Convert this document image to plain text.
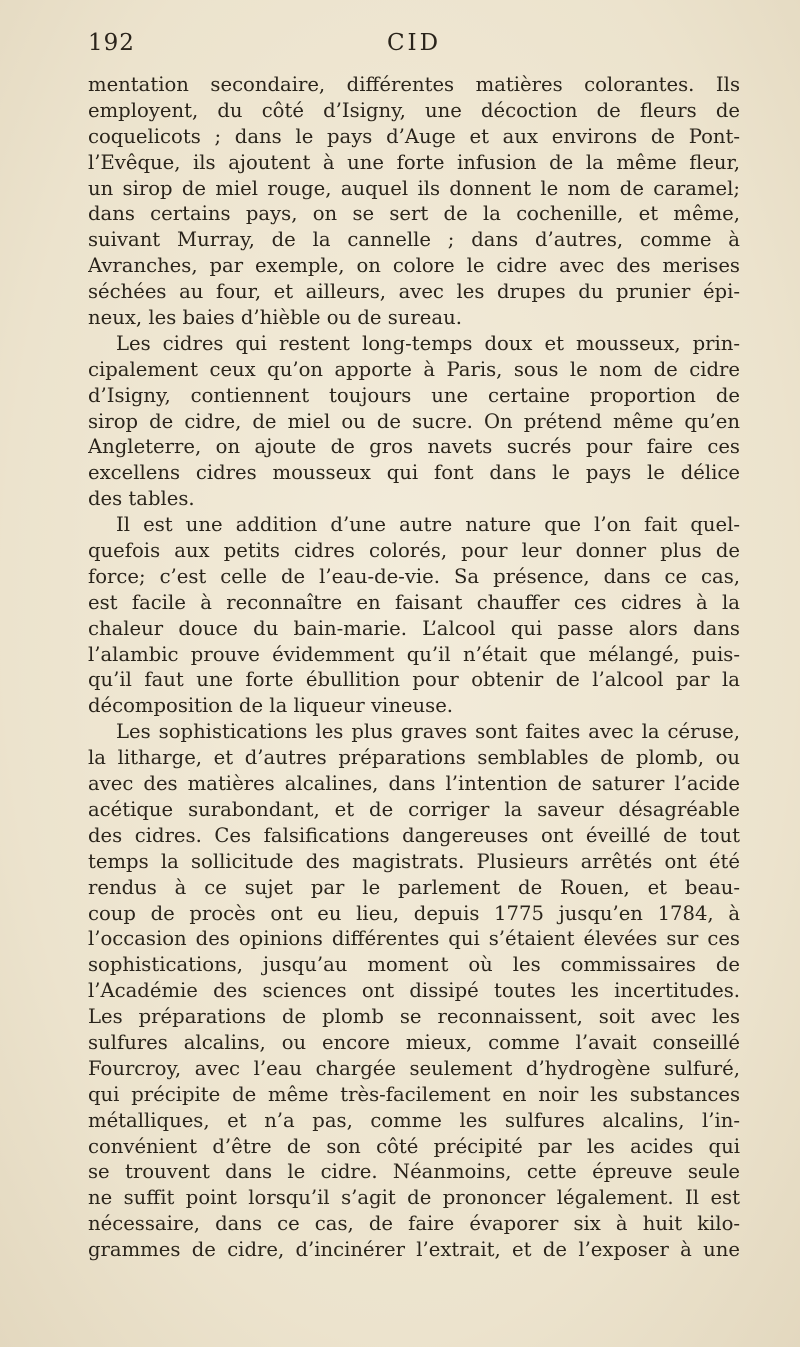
192	CID
mentation secondaire, différentes matières colorantes. Ils
employent, du côté d’Isigny, une décoction de fleurs de
coquelicots ; dans le pays d’Auge et aux environs de Pont-
l’Evêque, ils ajoutent à une forte infusion de la même fleur,
un sirop de miel rouge, auquel ils donnent le nom de caramel;
dans certains pays, on se sert de la cochenille, et même,
suivant Murray, de la cannelle ; dans d’autres, comme à
Avranches, par exemple, on colore le cidre avec des merises
séchées au four, et ailleurs, avec les drupes du prunier épi-
neux, les baies d’hièble ou de sureau.
Les cidres qui restent long-temps doux et mousseux, prin-
cipalement ceux qu’on apporte à Paris, sous le nom de cidre
d’Isigny, contiennent toujours une certaine proportion de
sirop de cidre, de miel ou de sucre. On prétend même qu’en
Angleterre, on ajoute de gros navets sucrés pour faire ces
excellens cidres mousseux qui font dans le pays le délice
des tables.
Il est une addition d’une autre nature que l’on fait quel-
quefois aux petits cidres colorés, pour leur donner plus de
force; c’est celle de l’eau-de-vie. Sa présence, dans ce cas,
est facile à reconnaître en faisant chauffer ces cidres à la
chaleur douce du bain-marie. L’alcool qui passe alors dans
l’alambic prouve évidemment qu’il n’était que mélangé, puis-
qu’il faut une forte ébullition pour obtenir de l’alcool par la
décomposition de la liqueur vineuse.
Les sophistications les plus graves sont faites avec la céruse,
la litharge, et d’autres préparations semblables de plomb, ou
avec des matières alcalines, dans l’intention de saturer l’acide
acétique surabondant, et de corriger la saveur désagréable
des cidres. Ces falsifications dangereuses ont éveillé de tout
temps la sollicitude des magistrats. Plusieurs arrêtés ont été
rendus à ce sujet par le parlement de Rouen, et beau-
coup de procès ont eu lieu, depuis 1775 jusqu’en 1784, à
l’occasion des opinions différentes qui s’étaient élevées sur ces
sophistications, jusqu’au moment où les commissaires de
l’Académie des sciences ont dissipé toutes les incertitudes.
Les préparations de plomb se reconnaissent, soit avec les
sulfures alcalins, ou encore mieux, comme l’avait conseillé
Fourcroy, avec l’eau chargée seulement d’hydrogène sulfuré,
qui précipite de même très-facilement en noir les substances
métalliques, et n’a pas, comme les sulfures alcalins, l’in-
convénient d’être de son côté précipité par les acides qui
se trouvent dans le cidre. Néanmoins, cette épreuve seule
ne suffit point lorsqu’il s’agit de prononcer légalement. Il est
nécessaire, dans ce cas, de faire évaporer six à huit kilo-
grammes de cidre, d’incinérer l’extrait, et de l’exposer à une
